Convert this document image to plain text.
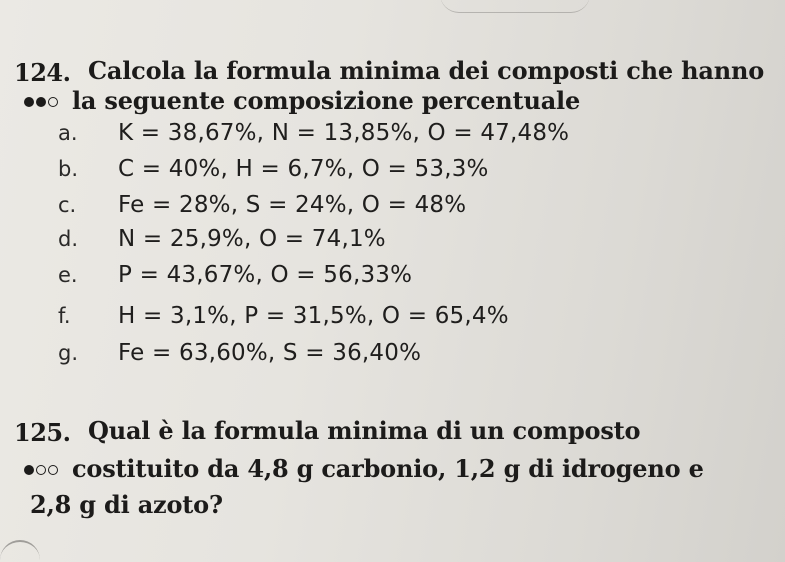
124. Calcola la formula minima dei composti che hanno
la seguente composizione percentuale
a.	K = 38,67%, N = 13,85%, O = 47,48%
b.	C = 40%, H = 6,7%, O = 53,3%
c.	Fe = 28%, S = 24%, O = 48%
d.	N = 25,9%, O = 74,1%
e.	P = 43,67%, O = 56,33%
f.	H = 3,1%, P = 31,5%, O = 65,4%
g.	Fe = 63,60%, S = 36,40%
125. Qual è la formula minima di un composto
costituito da 4,8 g carbonio, 1,2 g di idrogeno e
2,8 g di azoto?
